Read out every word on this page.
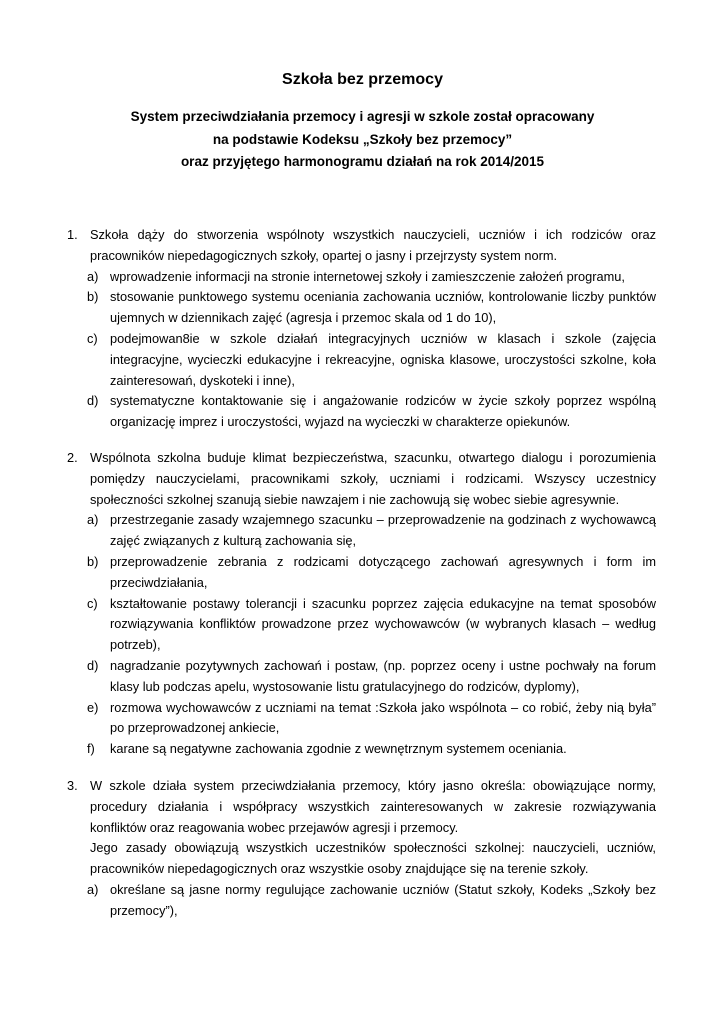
Szkoła bez przemocy
System przeciwdziałania przemocy i agresji w szkole został opracowany
na podstawie Kodeksu „Szkoły bez przemocy”
oraz przyjętego harmonogramu działań na rok 2014/2015
1. Szkoła dąży do stworzenia wspólnoty wszystkich nauczycieli, uczniów i ich rodziców oraz pracowników niepedagogicznych szkoły, opartej o jasny i przejrzysty system norm.

a) wprowadzenie informacji na stronie internetowej szkoły i zamieszczenie założeń programu,
b) stosowanie punktowego systemu oceniania zachowania uczniów, kontrolowanie liczby punktów ujemnych w dziennikach zajęć (agresja i przemoc skala od 1 do 10),
c) podejmowan8ie w szkole działań integracyjnych uczniów w klasach i szkole (zajęcia integracyjne, wycieczki edukacyjne i rekreacyjne, ogniska klasowe, uroczystości szkolne, koła zainteresowań, dyskoteki i inne),
d) systematyczne kontaktowanie się i angażowanie rodziców w życie szkoły poprzez wspólną organizację imprez i uroczystości, wyjazd na wycieczki w charakterze opiekunów.
2. Wspólnota szkolna buduje klimat bezpieczeństwa, szacunku, otwartego dialogu i porozumienia pomiędzy nauczycielami, pracownikami szkoły, uczniami i rodzicami. Wszyscy uczestnicy społeczności szkolnej szanują siebie nawzajem i nie zachowują się wobec siebie agresywnie.

a) przestrzeganie zasady wzajemnego szacunku – przeprowadzenie na godzinach z wychowawcą zajęć związanych z kulturą zachowania się,
b) przeprowadzenie zebrania z rodzicami dotyczącego zachowań agresywnych i form im przeciwdziałania,
c) kształtowanie postawy tolerancji i szacunku poprzez zajęcia edukacyjne na temat sposobów rozwiązywania konfliktów prowadzone przez wychowawców (w wybranych klasach – według potrzeb),
d) nagradzanie pozytywnych zachowań i postaw, (np. poprzez oceny i ustne pochwały na forum klasy lub podczas apelu, wystosowanie listu gratulacyjnego do rodziców, dyplomy),
e) rozmowa wychowawców z uczniami na temat :Szkoła jako wspólnota – co robić, żeby nią była” po przeprowadzonej ankiecie,
f) karane są negatywne zachowania zgodnie z wewnętrznym systemem oceniania.
3. W szkole działa system przeciwdziałania przemocy, który jasno określa: obowiązujące normy, procedury działania i współpracy wszystkich zainteresowanych w zakresie rozwiązywania konfliktów oraz reagowania wobec przejawów agresji i przemocy.

Jego zasady obowiązują wszystkich uczestników społeczności szkolnej: nauczycieli, uczniów, pracowników niepedagogicznych oraz wszystkie osoby znajdujące się na terenie szkoły.

a) określane są jasne normy regulujące zachowanie uczniów (Statut szkoły, Kodeks „Szkoły bez przemocy”),
